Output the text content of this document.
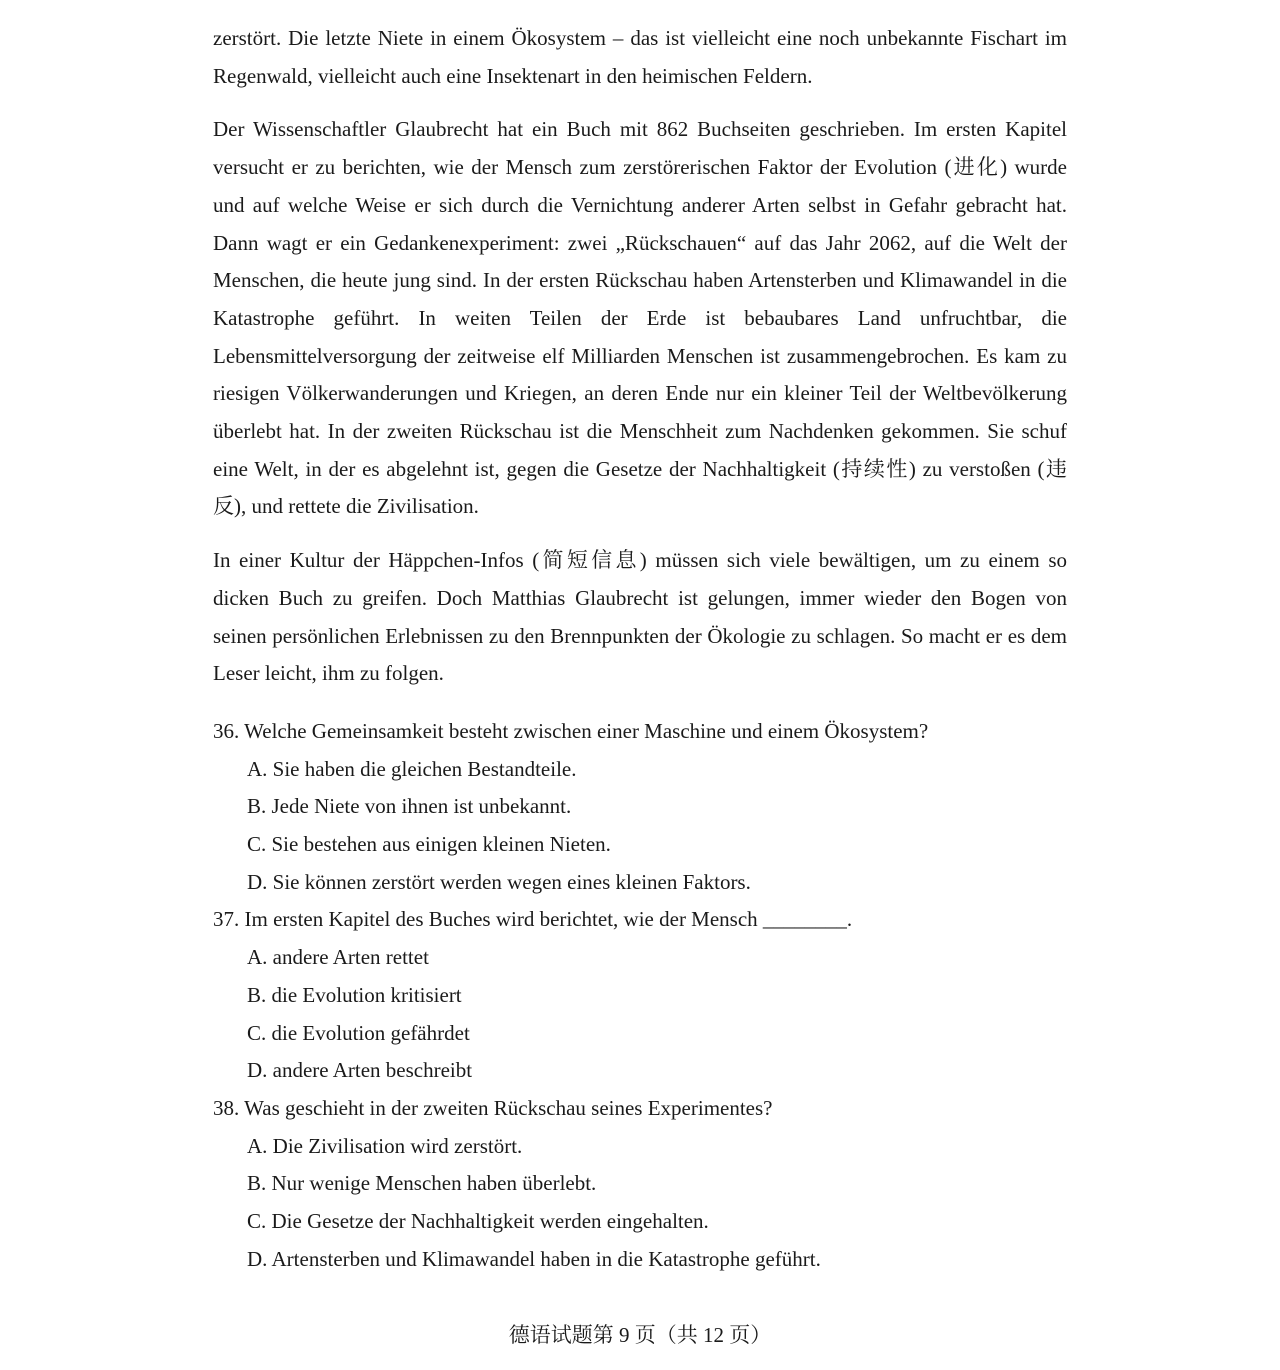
zerstört. Die letzte Niete in einem Ökosystem – das ist vielleicht eine noch unbekannte Fischart im Regenwald, vielleicht auch eine Insektenart in den heimischen Feldern.

Der Wissenschaftler Glaubrecht hat ein Buch mit 862 Buchseiten geschrieben. Im ersten Kapitel versucht er zu berichten, wie der Mensch zum zerstörerischen Faktor der Evolution (进化) wurde und auf welche Weise er sich durch die Vernichtung anderer Arten selbst in Gefahr gebracht hat. Dann wagt er ein Gedankenexperiment: zwei „Rückschauen“ auf das Jahr 2062, auf die Welt der Menschen, die heute jung sind. In der ersten Rückschau haben Artensterben und Klimawandel in die Katastrophe geführt. In weiten Teilen der Erde ist bebaubares Land unfruchtbar, die Lebensmittelversorgung der zeitweise elf Milliarden Menschen ist zusammengebrochen. Es kam zu riesigen Völkerwanderungen und Kriegen, an deren Ende nur ein kleiner Teil der Weltbevölkerung überlebt hat. In der zweiten Rückschau ist die Menschheit zum Nachdenken gekommen. Sie schuf eine Welt, in der es abgelehnt ist, gegen die Gesetze der Nachhaltigkeit (持续性) zu verstoßen (违反), und rettete die Zivilisation.

In einer Kultur der Häppchen-Infos (简短信息) müssen sich viele bewältigen, um zu einem so dicken Buch zu greifen. Doch Matthias Glaubrecht ist gelungen, immer wieder den Bogen von seinen persönlichen Erlebnissen zu den Brennpunkten der Ökologie zu schlagen. So macht er es dem Leser leicht, ihm zu folgen.

36. Welche Gemeinsamkeit besteht zwischen einer Maschine und einem Ökosystem?

A. Sie haben die gleichen Bestandteile.

B. Jede Niete von ihnen ist unbekannt.

C. Sie bestehen aus einigen kleinen Nieten.

D. Sie können zerstört werden wegen eines kleinen Faktors.

37. Im ersten Kapitel des Buches wird berichtet, wie der Mensch ________.

A. andere Arten rettet

B. die Evolution kritisiert

C. die Evolution gefährdet

D. andere Arten beschreibt

38. Was geschieht in der zweiten Rückschau seines Experimentes?

A. Die Zivilisation wird zerstört.

B. Nur wenige Menschen haben überlebt.

C. Die Gesetze der Nachhaltigkeit werden eingehalten.

D. Artensterben und Klimawandel haben in die Katastrophe geführt.

德语试题第 9 页（共 12 页）
